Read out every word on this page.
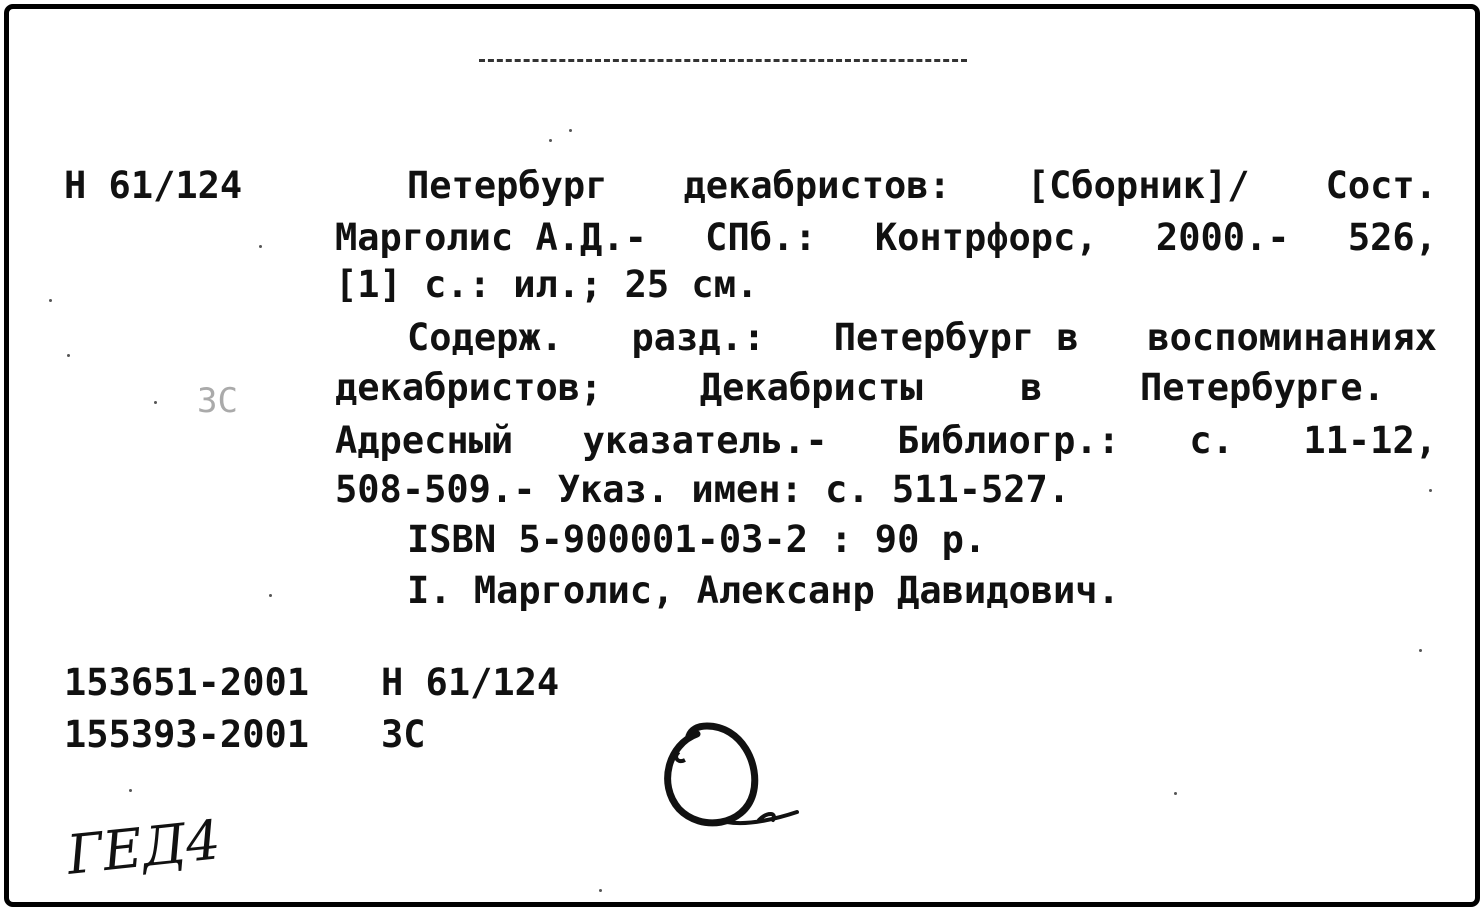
Н 61/124	Петербург декабристов: [Сборник]/ Сост.
Марголис А.Д.- СПб.: Контрфорс, 2000.- 526,
[1] с.: ил.; 25 см.
Содерж. разд.: Петербург в воспоминаниях
декабристов;	Декабристы	в	Петербурге.
Адресный указатель.- Библиогр.: с. 11-12,
508-509.- Указ. имен: с. 511-527.
ISBN 5-900001-03-2 : 90 р.
I. Марголис, Алексанр Давидович.
153651-2001 Н 61/124
155393-2001 ЗС
ЗС
ГЕД4
